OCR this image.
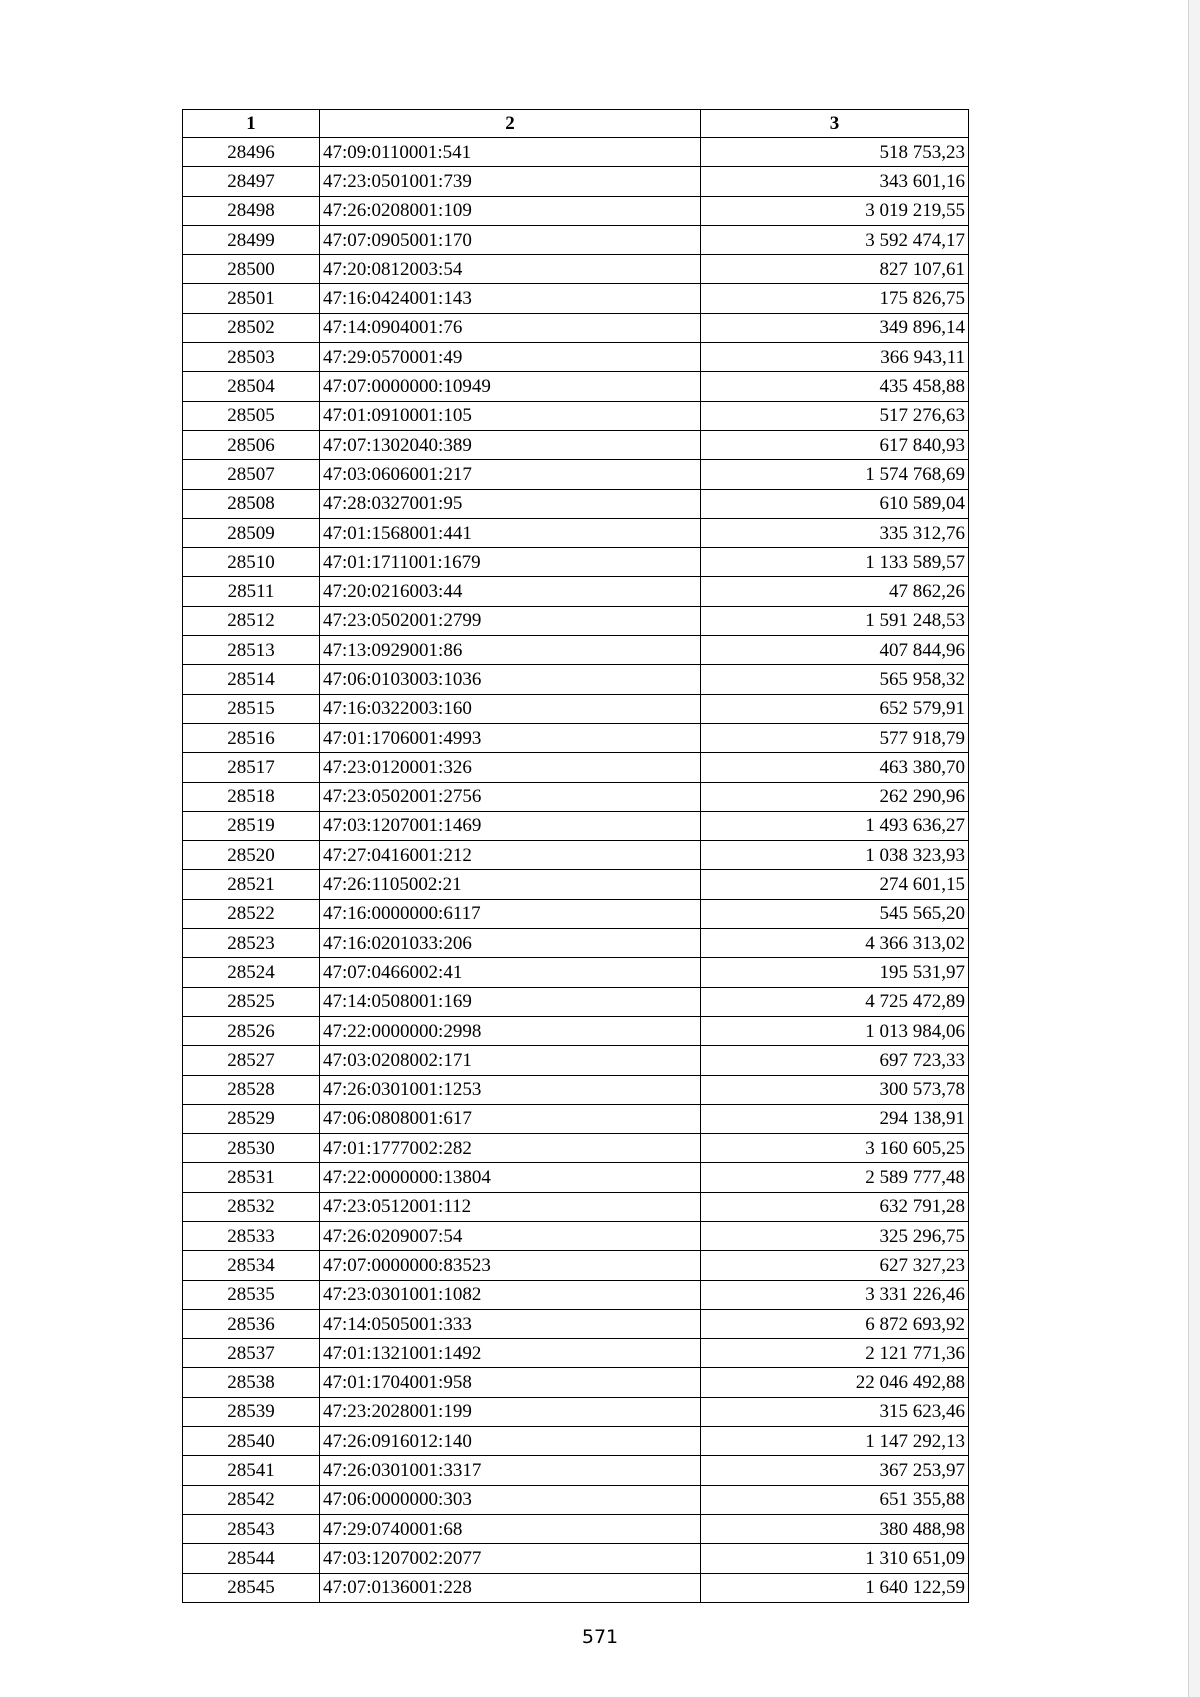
1	2	3
28496	47:09:0110001:541	518 753,23
28497	47:23:0501001:739	343 601,16
28498	47:26:0208001:109	3 019 219,55
28499	47:07:0905001:170	3 592 474,17
28500	47:20:0812003:54	827 107,61
28501	47:16:0424001:143	175 826,75
28502	47:14:0904001:76	349 896,14
28503	47:29:0570001:49	366 943,11
28504	47:07:0000000:10949	435 458,88
28505	47:01:0910001:105	517 276,63
28506	47:07:1302040:389	617 840,93
28507	47:03:0606001:217	1 574 768,69
28508	47:28:0327001:95	610 589,04
28509	47:01:1568001:441	335 312,76
28510	47:01:1711001:1679	1 133 589,57
28511	47:20:0216003:44	47 862,26
28512	47:23:0502001:2799	1 591 248,53
28513	47:13:0929001:86	407 844,96
28514	47:06:0103003:1036	565 958,32
28515	47:16:0322003:160	652 579,91
28516	47:01:1706001:4993	577 918,79
28517	47:23:0120001:326	463 380,70
28518	47:23:0502001:2756	262 290,96
28519	47:03:1207001:1469	1 493 636,27
28520	47:27:0416001:212	1 038 323,93
28521	47:26:1105002:21	274 601,15
28522	47:16:0000000:6117	545 565,20
28523	47:16:0201033:206	4 366 313,02
28524	47:07:0466002:41	195 531,97
28525	47:14:0508001:169	4 725 472,89
28526	47:22:0000000:2998	1 013 984,06
28527	47:03:0208002:171	697 723,33
28528	47:26:0301001:1253	300 573,78
28529	47:06:0808001:617	294 138,91
28530	47:01:1777002:282	3 160 605,25
28531	47:22:0000000:13804	2 589 777,48
28532	47:23:0512001:112	632 791,28
28533	47:26:0209007:54	325 296,75
28534	47:07:0000000:83523	627 327,23
28535	47:23:0301001:1082	3 331 226,46
28536	47:14:0505001:333	6 872 693,92
28537	47:01:1321001:1492	2 121 771,36
28538	47:01:1704001:958	22 046 492,88
28539	47:23:2028001:199	315 623,46
28540	47:26:0916012:140	1 147 292,13
28541	47:26:0301001:3317	367 253,97
28542	47:06:0000000:303	651 355,88
28543	47:29:0740001:68	380 488,98
28544	47:03:1207002:2077	1 310 651,09
28545	47:07:0136001:228	1 640 122,59
571
